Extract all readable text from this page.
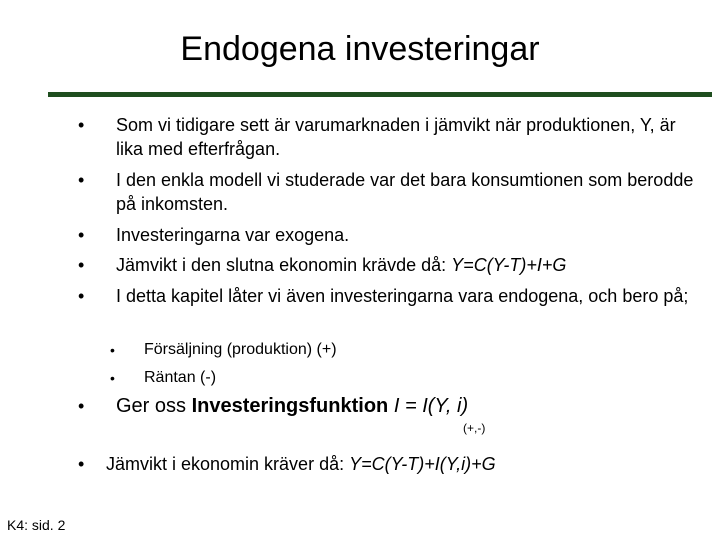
Endogena investeringar
• Som vi tidigare sett är varumarknaden i jämvikt när produktionen, Y, är lika med efterfrågan.
• I den enkla modell vi studerade var det bara konsumtionen som berodde på inkomsten.
• Investeringarna var exogena.
• Jämvikt i den slutna ekonomin krävde då: Y=C(Y-T)+I+G
• I detta kapitel låter vi även investeringarna vara endogena, och bero på;
• Försäljning (produktion) (+)
• Räntan (-)
• Ger oss Investeringsfunktion I = I(Y, i)
(+,-)
• Jämvikt i ekonomin kräver då: Y=C(Y-T)+I(Y,i)+G
K4: sid. 2
